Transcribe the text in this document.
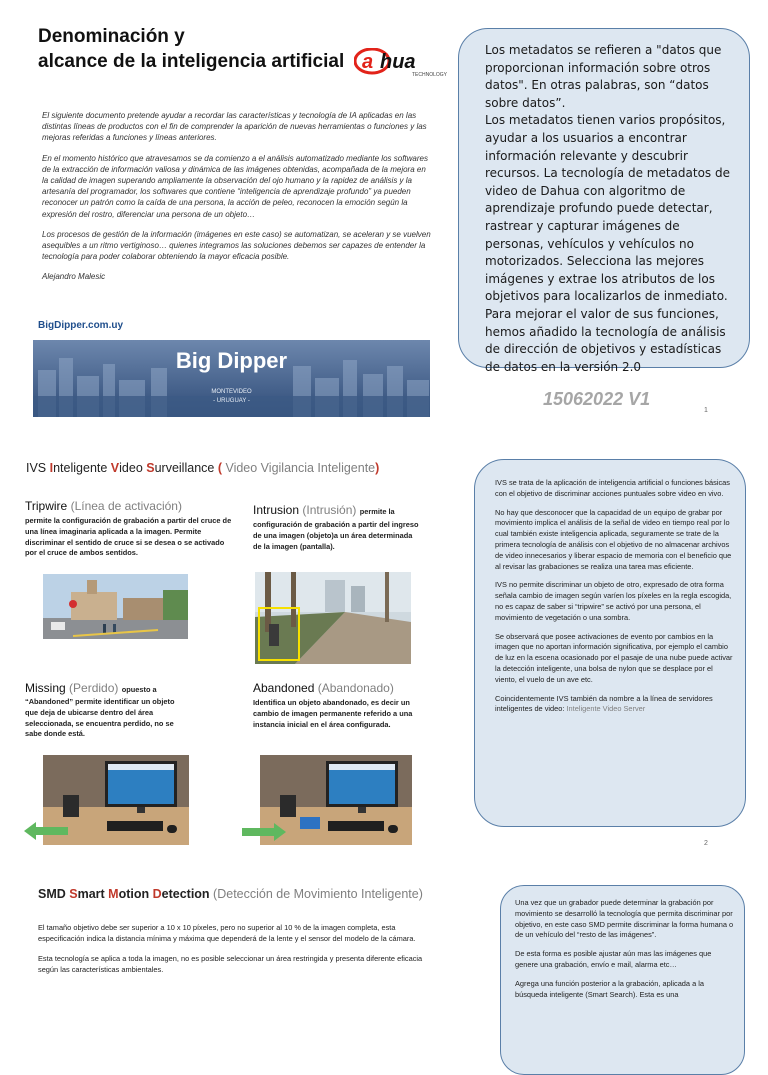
Denominación y
alcance de la inteligencia artificial a hua
TECHNOLOGY

El siguiente documento pretende ayudar a recordar las características y tecnología de IA aplicadas en las distintas líneas de productos con el fin de comprender la aparición de nuevas herramientas o funciones y las mejoras referidas a funciones y líneas anteriores.

En el momento histórico que atravesamos se da comienzo a el análisis automatizado mediante los softwares de la extracción de información valiosa y dinámica de las imágenes obtenidas, acompañada de la mejora en la calidad de imagen superando ampliamente la observación del ojo humano y la rapidez de análisis y la artesanía del programador, los softwares que contiene “inteligencia de aprendizaje profundo” ya pueden reconocer un patrón como la caída de una persona, la acción de peleo, reconocen la emoción según la expresión del rostro, diferenciar una persona de un objeto…

Los procesos de gestión de la información (imágenes en este caso) se automatizan, se aceleran y se vuelven asequibles a un ritmo vertiginoso… quienes integramos las soluciones debemos ser capazes de entender la tecnología para poder colaborar obteniendo la mayor eficacia posible.

Alejandro Malesic

BigDipper.com.uy
Big Dipper
MONTEVIDEO
- URUGUAY -
Los metadatos se refieren a "datos que proporcionan información sobre otros datos". En otras palabras, son “datos sobre datos”.
Los metadatos tienen varios propósitos, ayudar a los usuarios a encontrar información relevante y descubrir recursos. La tecnología de metadatos de video de Dahua con algoritmo de aprendizaje profundo puede detectar, rastrear y capturar imágenes de personas, vehículos y vehículos no motorizados. Selecciona las mejores imágenes y extrae los atributos de los objetivos para localizarlos de inmediato. Para mejorar el valor de sus funciones, hemos añadido la tecnología de análisis de dirección de objetivos y estadísticas de datos en la versión 2.0
15062022 V1
1
IVS Inteligente Video Surveillance ( Video Vigilancia Inteligente)
Tripwire (Línea de activación)
permite la configuración de grabación a partir del cruce de una línea imaginaria aplicada a la imagen. Permite discriminar el sentido de cruce si se desea o se activado por el cruce de ambos sentidos.
Intrusion (Intrusión) permite la
configuración de grabación a partir del ingreso de una imagen (objeto)a un área determinada de la imagen (pantalla).
Missing (Perdido) opuesto a
“Abandoned” permite identificar un objeto que deja de ubicarse dentro del área seleccionada, se encuentra perdido, no se sabe donde está.
Abandoned (Abandonado)
Identifica un objeto abandonado, es decir un cambio de imagen permanente referido a una instancia inicial en el área configurada.

IVS se trata de la aplicación de inteligencia artificial o funciones básicas con el objetivo de discriminar acciones puntuales sobre video en vivo.

No hay que desconocer que la capacidad de un equipo de grabar por movimiento implica el análisis de la señal de video en tiempo real por lo cual también existe inteligencia aplicada, seguramente se trate de la primera tecnología de análisis con el objetivo de no almacenar archivos de video innecesarios y liberar espacio de memoria con el beneficio que al revisar las grabaciones se realiza una tarea mas eficiente.

IVS no permite discriminar un objeto de otro, expresado de otra forma señala cambio de imagen según varíen los píxeles en la regla escogida, no es capaz de saber si “tripwire” se activó por una persona, el movimiento de vegetación o una sombra.

Se observará que posee activaciones de evento por cambios en la imagen que no aportan información significativa, por ejemplo el cambio de luz en la escena ocasionado por el pasaje de una nube puede activar la detección inteligente, una bolsa de nylon que se desplace por el viento, el vuelo de un ave etc.

Coincidentemente IVS también da nombre a la línea de servidores inteligentes de video: Inteligente Video Server

2
SMD Smart Motion Detection (Detección de Movimiento Inteligente)

El tamaño objetivo debe ser superior a 10 x 10 píxeles, pero no superior al 10 % de la imagen completa, esta especificación indica la distancia mínima y máxima que dependerá de la lente y el sensor del modelo de la cámara.

Esta tecnología se aplica a toda la imagen, no es posible seleccionar un área restringida y presenta diferente eficacia según las características ambientales.

Una vez que un grabador puede determinar la grabación por movimiento se desarrolló la tecnología que permita discriminar por objetivo, en este caso SMD permite discriminar la forma humana o de un vehículo del “resto de las imágenes”.

De esta forma es posible ajustar aún mas las imágenes que genere una grabación, envío e mail, alarma etc…

Agrega una función posterior a la grabación, aplicada a la búsqueda inteligente (Smart Search). Esta es una
